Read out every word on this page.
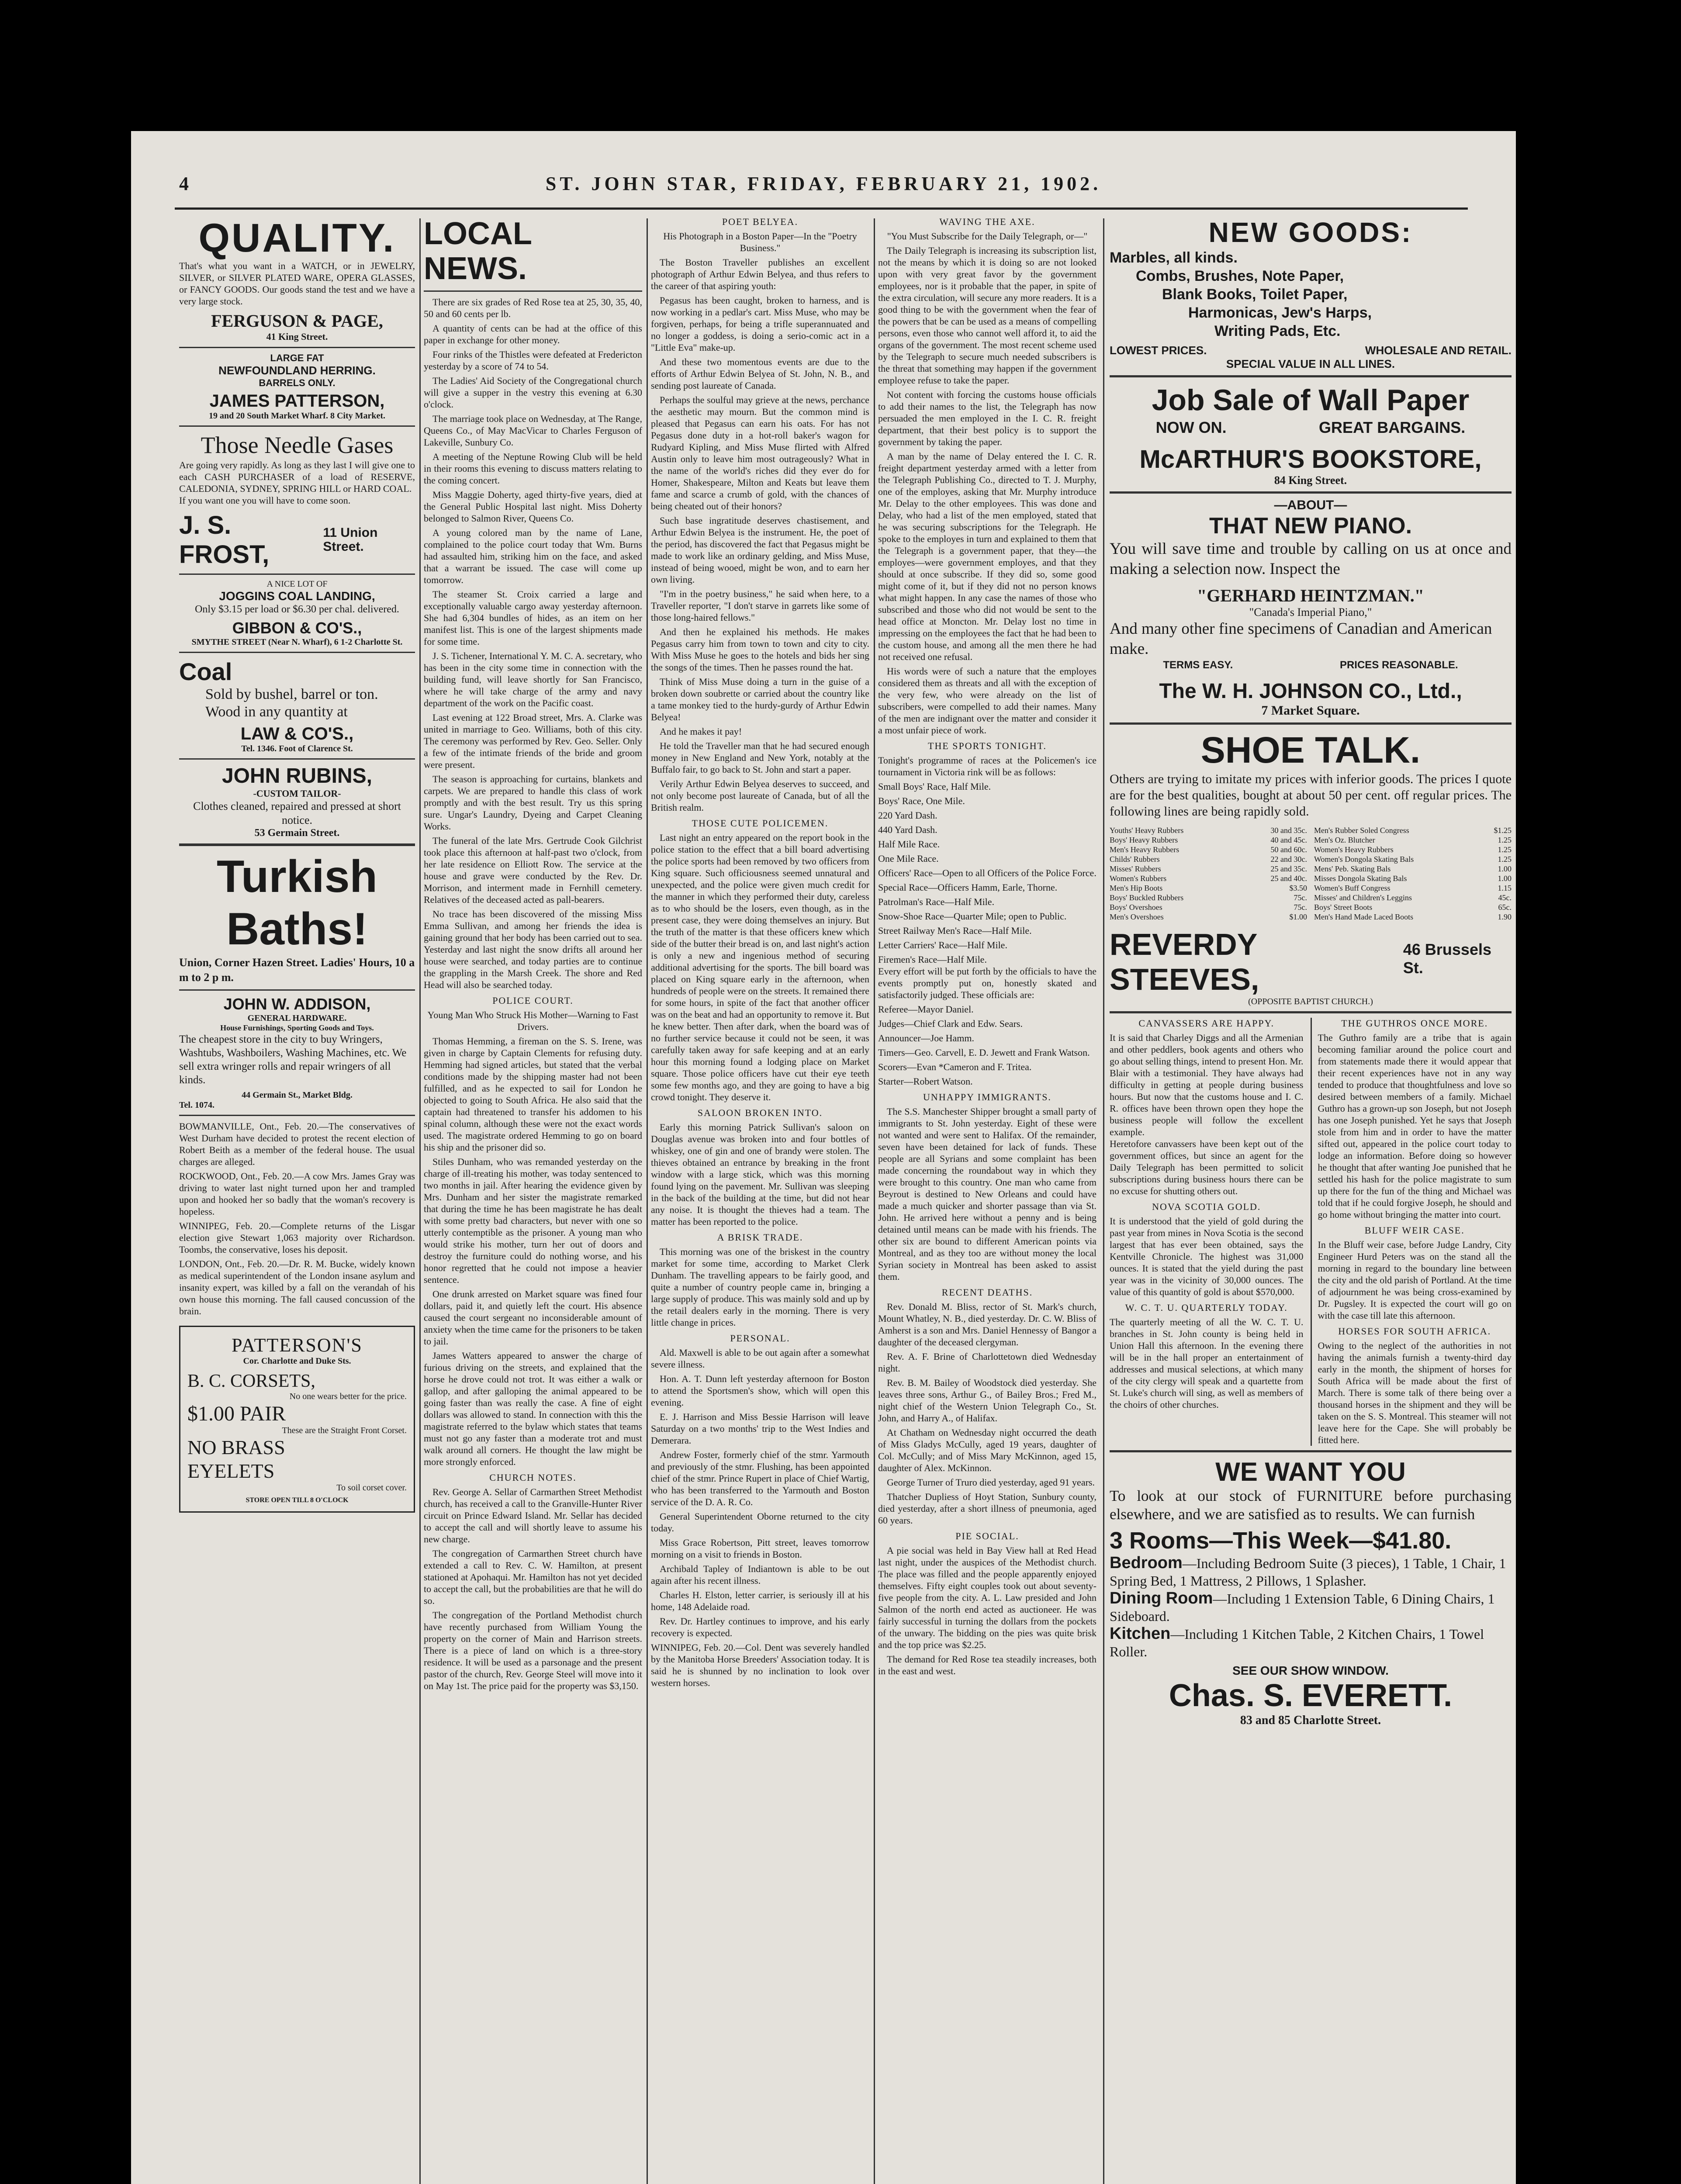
4	ST. JOHN STAR, FRIDAY, FEBRUARY 21, 1902.
QUALITY.

That's what you want in a WATCH, or in JEWELRY, SILVER, or SILVER PLATED WARE, OPERA GLASSES, or FANCY GOODS. Our goods stand the test and we have a very large stock.

FERGUSON & PAGE,
41 King Street.
LARGE FAT
NEWFOUNDLAND HERRING.
BARRELS ONLY.
JAMES PATTERSON,
19 and 20 South Market Wharf. 8 City Market.
Those Needle Gases

Are going very rapidly. As long as they last I will give one to each CASH PURCHASER of a load of RESERVE, CALEDONIA, SYDNEY, SPRING HILL or HARD COAL.

If you want one you will have to come soon.

J. S. FROST,
11 Union Street.
A NICE LOT OF
JOGGINS COAL LANDING,
Only $3.15 per load or $6.30 per chal. delivered.
GIBBON & CO'S.,
SMYTHE STREET (Near N. Wharf), 6 1-2 Charlotte St.
Coal

Sold by bushel, barrel or ton. Wood in any quantity at

LAW & CO'S.,
Tel. 1346. Foot of Clarence St.
JOHN RUBINS,
-CUSTOM TAILOR-

Clothes cleaned, repaired and pressed at short notice.

53 Germain Street.
Turkish
Baths!

Union, Corner Hazen Street. Ladies' Hours, 10 a m to 2 p m.

JOHN W. ADDISON,
GENERAL HARDWARE.
House Furnishings, Sporting Goods and Toys.

The cheapest store in the city to buy Wringers, Washtubs, Washboilers, Washing Machines, etc. We sell extra wringer rolls and repair wringers of all kinds.

44 Germain St., Market Bldg.
Tel. 1074.

BOWMANVILLE, Ont., Feb. 20.—The conservatives of West Durham have decided to protest the recent election of Robert Beith as a member of the federal house. The usual charges are alleged.

ROCKWOOD, Ont., Feb. 20.—A cow Mrs. James Gray was driving to water last night turned upon her and trampled upon and hooked her so badly that the woman's recovery is hopeless.

WINNIPEG, Feb. 20.—Complete returns of the Lisgar election give Stewart 1,063 majority over Richardson. Toombs, the conservative, loses his deposit.

LONDON, Ont., Feb. 20.—Dr. R. M. Bucke, widely known as medical superintendent of the London insane asylum and insanity expert, was killed by a fall on the verandah of his own house this morning. The fall caused concussion of the brain.

PATTERSON'S
Cor. Charlotte and Duke Sts.
B. C. CORSETS,
No one wears better for the price.
$1.00 PAIR
These are the Straight Front Corset.
NO BRASS EYELETS
To soil corset cover.
STORE OPEN TILL 8 O'CLOCK
LOCAL NEWS.

There are six grades of Red Rose tea at 25, 30, 35, 40, 50 and 60 cents per lb.

A quantity of cents can be had at the office of this paper in exchange for other money.

Four rinks of the Thistles were defeated at Fredericton yesterday by a score of 74 to 54.

The Ladies' Aid Society of the Congregational church will give a supper in the vestry this evening at 6.30 o'clock.

The marriage took place on Wednesday, at The Range, Queens Co., of May MacVicar to Charles Ferguson of Lakeville, Sunbury Co.

A meeting of the Neptune Rowing Club will be held in their rooms this evening to discuss matters relating to the coming concert.

Miss Maggie Doherty, aged thirty-five years, died at the General Public Hospital last night. Miss Doherty belonged to Salmon River, Queens Co.

A young colored man by the name of Lane, complained to the police court today that Wm. Burns had assaulted him, striking him on the face, and asked that a warrant be issued. The case will come up tomorrow.

The steamer St. Croix carried a large and exceptionally valuable cargo away yesterday afternoon. She had 6,304 bundles of hides, as an item on her manifest list. This is one of the largest shipments made for some time.

J. S. Tichener, International Y. M. C. A. secretary, who has been in the city some time in connection with the building fund, will leave shortly for San Francisco, where he will take charge of the army and navy department of the work on the Pacific coast.

Last evening at 122 Broad street, Mrs. A. Clarke was united in marriage to Geo. Williams, both of this city. The ceremony was performed by Rev. Geo. Seller. Only a few of the intimate friends of the bride and groom were present.

The season is approaching for curtains, blankets and carpets. We are prepared to handle this class of work promptly and with the best result. Try us this spring sure. Ungar's Laundry, Dyeing and Carpet Cleaning Works.

The funeral of the late Mrs. Gertrude Cook Gilchrist took place this afternoon at half-past two o'clock, from her late residence on Elliott Row. The service at the house and grave were conducted by the Rev. Dr. Morrison, and interment made in Fernhill cemetery. Relatives of the deceased acted as pall-bearers.

No trace has been discovered of the missing Miss Emma Sullivan, and among her friends the idea is gaining ground that her body has been carried out to sea. Yesterday and last night the snow drifts all around her house were searched, and today parties are to continue the grappling in the Marsh Creek. The shore and Red Head will also be searched today.

POLICE COURT.
Young Man Who Struck His Mother—Warning to Fast Drivers.

Thomas Hemming, a fireman on the S. S. Irene, was given in charge by Captain Clements for refusing duty. Hemming had signed articles, but stated that the verbal conditions made by the shipping master had not been fulfilled, and as he expected to sail for London he objected to going to South Africa. He also said that the captain had threatened to transfer his addomen to his spinal column, although these were not the exact words used. The magistrate ordered Hemming to go on board his ship and the prisoner did so.

Stiles Dunham, who was remanded yesterday on the charge of ill-treating his mother, was today sentenced to two months in jail. After hearing the evidence given by Mrs. Dunham and her sister the magistrate remarked that during the time he has been magistrate he has dealt with some pretty bad characters, but never with one so utterly contemptible as the prisoner. A young man who would strike his mother, turn her out of doors and destroy the furniture could do nothing worse, and his honor regretted that he could not impose a heavier sentence.

One drunk arrested on Market square was fined four dollars, paid it, and quietly left the court. His absence caused the court sergeant no inconsiderable amount of anxiety when the time came for the prisoners to be taken to jail.

James Watters appeared to answer the charge of furious driving on the streets, and explained that the horse he drove could not trot. It was either a walk or gallop, and after galloping the animal appeared to be going faster than was really the case. A fine of eight dollars was allowed to stand. In connection with this the magistrate referred to the bylaw which states that teams must not go any faster than a moderate trot and must walk around all corners. He thought the law might be more strongly enforced.

CHURCH NOTES.

Rev. George A. Sellar of Carmarthen Street Methodist church, has received a call to the Granville-Hunter River circuit on Prince Edward Island. Mr. Sellar has decided to accept the call and will shortly leave to assume his new charge.

The congregation of Carmarthen Street church have extended a call to Rev. C. W. Hamilton, at present stationed at Apohaqui. Mr. Hamilton has not yet decided to accept the call, but the probabilities are that he will do so.

The congregation of the Portland Methodist church have recently purchased from William Young the property on the corner of Main and Harrison streets. There is a piece of land on which is a three-story residence. It will be used as a parsonage and the present pastor of the church, Rev. George Steel will move into it on May 1st. The price paid for the property was $3,150.

POET BELYEA.
His Photograph in a Boston Paper—In the "Poetry Business."

The Boston Traveller publishes an excellent photograph of Arthur Edwin Belyea, and thus refers to the career of that aspiring youth:

Pegasus has been caught, broken to harness, and is now working in a pedlar's cart. Miss Muse, who may be forgiven, perhaps, for being a trifle superannuated and no longer a goddess, is doing a serio-comic act in a "Little Eva" make-up.

And these two momentous events are due to the efforts of Arthur Edwin Belyea of St. John, N. B., and sending post laureate of Canada.

Perhaps the soulful may grieve at the news, perchance the aesthetic may mourn. But the common mind is pleased that Pegasus can earn his oats. For has not Pegasus done duty in a hot-roll baker's wagon for Rudyard Kipling, and Miss Muse flirted with Alfred Austin only to leave him most outrageously? What in the name of the world's riches did they ever do for Homer, Shakespeare, Milton and Keats but leave them fame and scarce a crumb of gold, with the chances of being cheated out of their honors?

Such base ingratitude deserves chastisement, and Arthur Edwin Belyea is the instrument. He, the poet of the period, has discovered the fact that Pegasus might be made to work like an ordinary gelding, and Miss Muse, instead of being wooed, might be won, and to earn her own living.

"I'm in the poetry business," he said when here, to a Traveller reporter, "I don't starve in garrets like some of those long-haired fellows."

And then he explained his methods. He makes Pegasus carry him from town to town and city to city. With Miss Muse he goes to the hotels and bids her sing the songs of the times. Then he passes round the hat.

Think of Miss Muse doing a turn in the guise of a broken down soubrette or carried about the country like a tame monkey tied to the hurdy-gurdy of Arthur Edwin Belyea!

And he makes it pay!

He told the Traveller man that he had secured enough money in New England and New York, notably at the Buffalo fair, to go back to St. John and start a paper.

Verily Arthur Edwin Belyea deserves to succeed, and not only become post laureate of Canada, but of all the British realm.

THOSE CUTE POLICEMEN.

Last night an entry appeared on the report book in the police station to the effect that a bill board advertising the police sports had been removed by two officers from King square. Such officiousness seemed unnatural and unexpected, and the police were given much credit for the manner in which they performed their duty, careless as to who should be the losers, even though, as in the present case, they were doing themselves an injury. But the truth of the matter is that these officers knew which side of the butter their bread is on, and last night's action is only a new and ingenious method of securing additional advertising for the sports. The bill board was placed on King square early in the afternoon, when hundreds of people were on the streets. It remained there for some hours, in spite of the fact that another officer was on the beat and had an opportunity to remove it. But he knew better. Then after dark, when the board was of no further service because it could not be seen, it was carefully taken away for safe keeping and at an early hour this morning found a lodging place on Market square. Those police officers have cut their eye teeth some few months ago, and they are going to have a big crowd tonight. They deserve it.

SALOON BROKEN INTO.

Early this morning Patrick Sullivan's saloon on Douglas avenue was broken into and four bottles of whiskey, one of gin and one of brandy were stolen. The thieves obtained an entrance by breaking in the front window with a large stick, which was this morning found lying on the pavement. Mr. Sullivan was sleeping in the back of the building at the time, but did not hear any noise. It is thought the thieves had a team. The matter has been reported to the police.

A BRISK TRADE.

This morning was one of the briskest in the country market for some time, according to Market Clerk Dunham. The travelling appears to be fairly good, and quite a number of country people came in, bringing a large supply of produce. This was mainly sold and up by the retail dealers early in the morning. There is very little change in prices.

PERSONAL.

Ald. Maxwell is able to be out again after a somewhat severe illness.

Hon. A. T. Dunn left yesterday afternoon for Boston to attend the Sportsmen's show, which will open this evening.

E. J. Harrison and Miss Bessie Harrison will leave Saturday on a two months' trip to the West Indies and Demerara.

Andrew Foster, formerly chief of the stmr. Yarmouth and previously of the stmr. Flushing, has been appointed chief of the stmr. Prince Rupert in place of Chief Wartig, who has been transferred to the Yarmouth and Boston service of the D. A. R. Co.

General Superintendent Oborne returned to the city today.

Miss Grace Robertson, Pitt street, leaves tomorrow morning on a visit to friends in Boston.

Archibald Tapley of Indiantown is able to be out again after his recent illness.

Charles H. Elston, letter carrier, is seriously ill at his home, 148 Adelaide road.

Rev. Dr. Hartley continues to improve, and his early recovery is expected.

WINNIPEG, Feb. 20.—Col. Dent was severely handled by the Manitoba Horse Breeders' Association today. It is said he is shunned by no inclination to look over western horses.

WAVING THE AXE.
"You Must Subscribe for the Daily Telegraph, or—"

The Daily Telegraph is increasing its subscription list, not the means by which it is doing so are not looked upon with very great favor by the government employees, nor is it probable that the paper, in spite of the extra circulation, will secure any more readers. It is a good thing to be with the government when the fear of the powers that be can be used as a means of compelling persons, even those who cannot well afford it, to aid the organs of the government. The most recent scheme used by the Telegraph to secure much needed subscribers is the threat that something may happen if the government employee refuse to take the paper.

Not content with forcing the customs house officials to add their names to the list, the Telegraph has now persuaded the men employed in the I. C. R. freight department, that their best policy is to support the government by taking the paper.

A man by the name of Delay entered the I. C. R. freight department yesterday armed with a letter from the Telegraph Publishing Co., directed to T. J. Murphy, one of the employes, asking that Mr. Murphy introduce Mr. Delay to the other employees. This was done and Delay, who had a list of the men employed, stated that he was securing subscriptions for the Telegraph. He spoke to the employes in turn and explained to them that the Telegraph is a government paper, that they—the employes—were government employes, and that they should at once subscribe. If they did so, some good might come of it, but if they did not no person knows what might happen. In any case the names of those who subscribed and those who did not would be sent to the head office at Moncton. Mr. Delay lost no time in impressing on the employees the fact that he had been to the custom house, and among all the men there he had not received one refusal.

His words were of such a nature that the employes considered them as threats and all with the exception of the very few, who were already on the list of subscribers, were compelled to add their names. Many of the men are indignant over the matter and consider it a most unfair piece of work.

THE SPORTS TONIGHT.

Tonight's programme of races at the Policemen's ice tournament in Victoria rink will be as follows:

Small Boys' Race, Half Mile.

Boys' Race, One Mile.

220 Yard Dash.

440 Yard Dash.

Half Mile Race.

One Mile Race.

Officers' Race—Open to all Officers of the Police Force.

Special Race—Officers Hamm, Earle, Thorne.

Patrolman's Race—Half Mile.

Snow-Shoe Race—Quarter Mile; open to Public.

Street Railway Men's Race—Half Mile.

Letter Carriers' Race—Half Mile.

Firemen's Race—Half Mile.

Every effort will be put forth by the officials to have the events promptly put on, honestly skated and satisfactorily judged. These officials are:

Referee—Mayor Daniel.

Judges—Chief Clark and Edw. Sears.

Announcer—Joe Hamm.

Timers—Geo. Carvell, E. D. Jewett and Frank Watson.

Scorers—Evan *Cameron and F. Tritea.

Starter—Robert Watson.

UNHAPPY IMMIGRANTS.

The S.S. Manchester Shipper brought a small party of immigrants to St. John yesterday. Eight of these were not wanted and were sent to Halifax. Of the remainder, seven have been detained for lack of funds. These people are all Syrians and some complaint has been made concerning the roundabout way in which they were brought to this country. One man who came from Beyrout is destined to New Orleans and could have made a much quicker and shorter passage than via St. John. He arrived here without a penny and is being detained until means can be made with his friends. The other six are bound to different American points via Montreal, and as they too are without money the local Syrian society in Montreal has been asked to assist them.

RECENT DEATHS.

Rev. Donald M. Bliss, rector of St. Mark's church, Mount Whatley, N. B., died yesterday. Dr. C. W. Bliss of Amherst is a son and Mrs. Daniel Hennessy of Bangor a daughter of the deceased clergyman.

Rev. A. F. Brine of Charlottetown died Wednesday night.

Rev. B. M. Bailey of Woodstock died yesterday. She leaves three sons, Arthur G., of Bailey Bros.; Fred M., night chief of the Western Union Telegraph Co., St. John, and Harry A., of Halifax.

At Chatham on Wednesday night occurred the death of Miss Gladys McCully, aged 19 years, daughter of Col. McCully; and of Miss Mary McKinnon, aged 15, daughter of Alex. McKinnon.

George Turner of Truro died yesterday, aged 91 years.

Thatcher Dupliess of Hoyt Station, Sunbury county, died yesterday, after a short illness of pneumonia, aged 60 years.

PIE SOCIAL.

A pie social was held in Bay View hall at Red Head last night, under the auspices of the Methodist church. The place was filled and the people apparently enjoyed themselves. Fifty eight couples took out about seventy-five people from the city. A. L. Law presided and John Salmon of the north end acted as auctioneer. He was fairly successful in turning the dollars from the pockets of the unwary. The bidding on the pies was quite brisk and the top price was $2.25.

The demand for Red Rose tea steadily increases, both in the east and west.

NEW GOODS:
Marbles, all kinds.
Combs, Brushes, Note Paper,
Blank Books, Toilet Paper,
Harmonicas, Jew's Harps,
Writing Pads, Etc.
LOWEST PRICES.	WHOLESALE AND RETAIL.
SPECIAL VALUE IN ALL LINES.
Job Sale of Wall Paper
NOW ON.	GREAT BARGAINS.
McARTHUR'S BOOKSTORE,
84 King Street.
—ABOUT—
THAT NEW PIANO.

You will save time and trouble by calling on us at once and making a selection now. Inspect the

"GERHARD HEINTZMAN."
"Canada's Imperial Piano,"

And many other fine specimens of Canadian and American make.

TERMS EASY.	PRICES REASONABLE.
The W. H. JOHNSON CO., Ltd.,
7 Market Square.
SHOE TALK.

Others are trying to imitate my prices with inferior goods. The prices I quote are for the best qualities, bought at about 50 per cent. off regular prices. The following lines are being rapidly sold.

Youths' Heavy Rubbers	30 and 35c.
Boys' Heavy Rubbers	40 and 45c.
Men's Heavy Rubbers	50 and 60c.
Childs' Rubbers	22 and 30c.
Misses' Rubbers	25 and 35c.
Women's Rubbers	25 and 40c.
Men's Hip Boots	$3.50
Boys' Buckled Rubbers	75c.
Boys' Overshoes	75c.
Men's Overshoes	$1.00
Men's Rubber Soled Congress	$1.25
Men's Oz. Blutcher	1.25
Women's Heavy Rubbers	1.25
Women's Dongola Skating Bals	1.25
Mens' Peb. Skating Bals	1.00
Misses Dongola Skating Bals	1.00
Women's Buff Congress	1.15
Misses' and Children's Leggins	45c.
Boys' Street Boots	65c.
Men's Hand Made Laced Boots	1.90
REVERDY STEEVES,
46 Brussels St.
(OPPOSITE BAPTIST CHURCH.)
CANVASSERS ARE HAPPY.

It is said that Charley Diggs and all the Armenian and other peddlers, book agents and others who go about selling things, intend to present Hon. Mr. Blair with a testimonial. They have always had difficulty in getting at people during business hours. But now that the customs house and I. C. R. offices have been thrown open they hope the business people will follow the excellent example.

Heretofore canvassers have been kept out of the government offices, but since an agent for the Daily Telegraph has been permitted to solicit subscriptions during business hours there can be no excuse for shutting others out.

NOVA SCOTIA GOLD.

It is understood that the yield of gold during the past year from mines in Nova Scotia is the second largest that has ever been obtained, says the Kentville Chronicle. The highest was 31,000 ounces. It is stated that the yield during the past year was in the vicinity of 30,000 ounces. The value of this quantity of gold is about $570,000.

W. C. T. U. QUARTERLY TODAY.

The quarterly meeting of all the W. C. T. U. branches in St. John county is being held in Union Hall this afternoon. In the evening there will be in the hall proper an entertainment of addresses and musical selections, at which many of the city clergy will speak and a quartette from St. Luke's church will sing, as well as members of the choirs of other churches.

THE GUTHROS ONCE MORE.

The Guthro family are a tribe that is again becoming familiar around the police court and from statements made there it would appear that their recent experiences have not in any way tended to produce that thoughtfulness and love so desired between members of a family. Michael Guthro has a grown-up son Joseph, but not Joseph has one Joseph punished. Yet he says that Joseph stole from him and in order to have the matter sifted out, appeared in the police court today to lodge an information. Before doing so however he thought that after wanting Joe punished that he settled his hash for the police magistrate to sum up there for the fun of the thing and Michael was told that if he could forgive Joseph, he should and go home without bringing the matter into court.

BLUFF WEIR CASE.

In the Bluff weir case, before Judge Landry, City Engineer Hurd Peters was on the stand all the morning in regard to the boundary line between the city and the old parish of Portland. At the time of adjournment he was being cross-examined by Dr. Pugsley. It is expected the court will go on with the case till late this afternoon.

HORSES FOR SOUTH AFRICA.

Owing to the neglect of the authorities in not having the animals furnish a twenty-third day early in the month, the shipment of horses for South Africa will be made about the first of March. There is some talk of there being over a thousand horses in the shipment and they will be taken on the S. S. Montreal. This steamer will not leave here for the Cape. She will probably be fitted here.

WE WANT YOU

To look at our stock of FURNITURE before purchasing elsewhere, and we are satisfied as to results. We can furnish

3 Rooms—This Week—$41.80.

Bedroom—Including Bedroom Suite (3 pieces), 1 Table, 1 Chair, 1 Spring Bed, 1 Mattress, 2 Pillows, 1 Splasher.

Dining Room—Including 1 Extension Table, 6 Dining Chairs, 1 Sideboard.

Kitchen—Including 1 Kitchen Table, 2 Kitchen Chairs, 1 Towel Roller.

SEE OUR SHOW WINDOW.
Chas. S. EVERETT.
83 and 85 Charlotte Street.
